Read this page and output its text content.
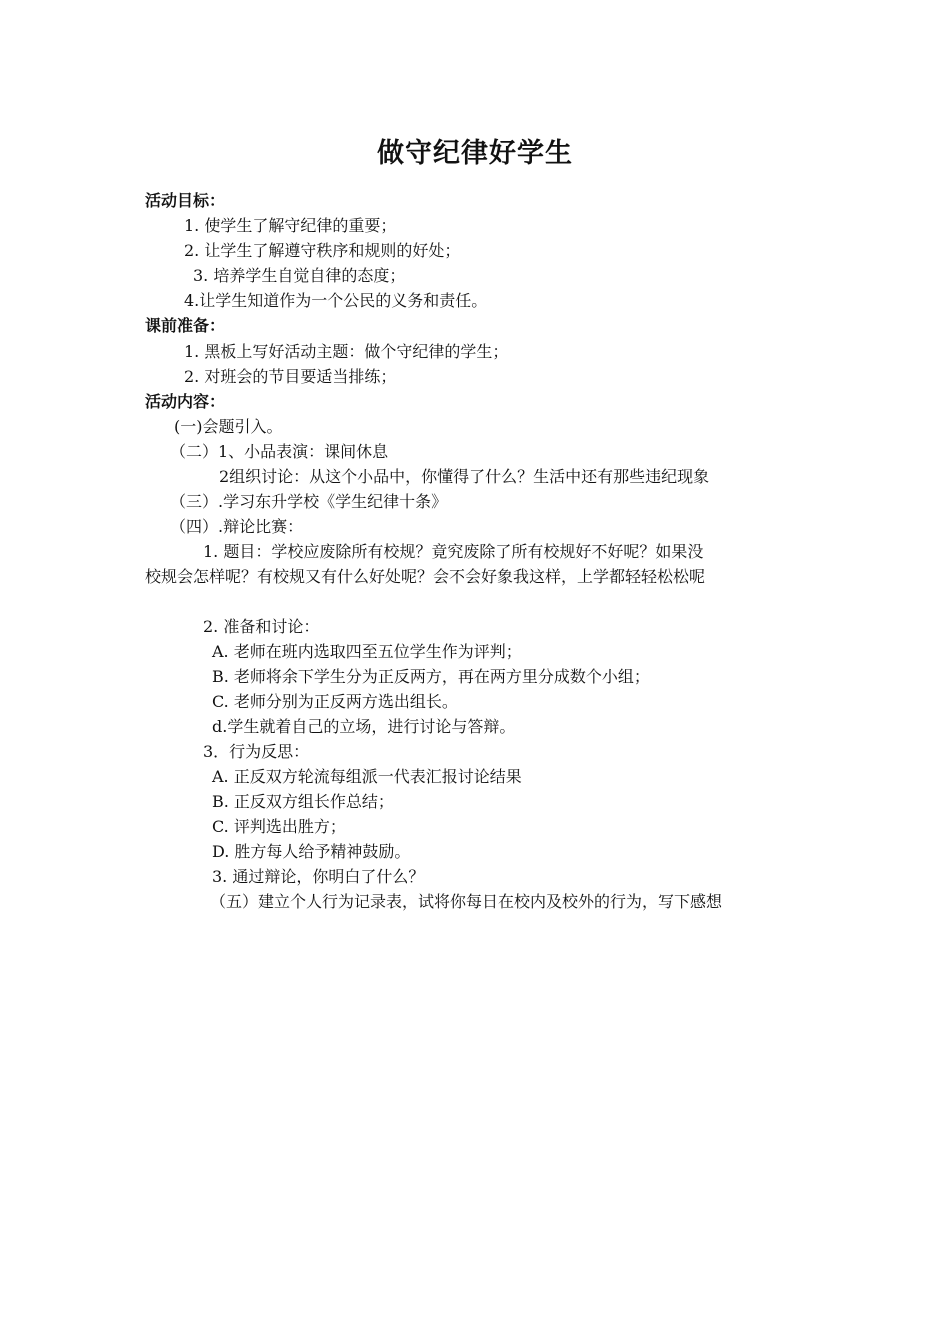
做守纪律好学生
活动目标：
1. 使学生了解守纪律的重要；
2. 让学生了解遵守秩序和规则的好处；
3. 培养学生自觉自律的态度；
4.让学生知道作为一个公民的义务和责任。
课前准备：
1. 黑板上写好活动主题：做个守纪律的学生；
2. 对班会的节目要适当排练；
活动内容：
(一)会题引入。
（二）1、小品表演：课间休息
2组织讨论：从这个小品中，你懂得了什么？生活中还有那些违纪现象
（三）.学习东升学校《学生纪律十条》
（四）.辩论比赛：
1. 题目：学校应废除所有校规？竟究废除了所有校规好不好呢？如果没
校规会怎样呢？有校规又有什么好处呢？会不会好象我这样，上学都轻轻松松呢
2. 准备和讨论：
A. 老师在班内选取四至五位学生作为评判；
B. 老师将余下学生分为正反两方，再在两方里分成数个小组；
C. 老师分别为正反两方选出组长。
d.学生就着自己的立场，进行讨论与答辩。
3．行为反思：
A. 正反双方轮流每组派一代表汇报讨论结果
B. 正反双方组长作总结；
C. 评判选出胜方；
D. 胜方每人给予精神鼓励。
3. 通过辩论，你明白了什么？
（五）建立个人行为记录表，试将你每日在校内及校外的行为，写下感想
